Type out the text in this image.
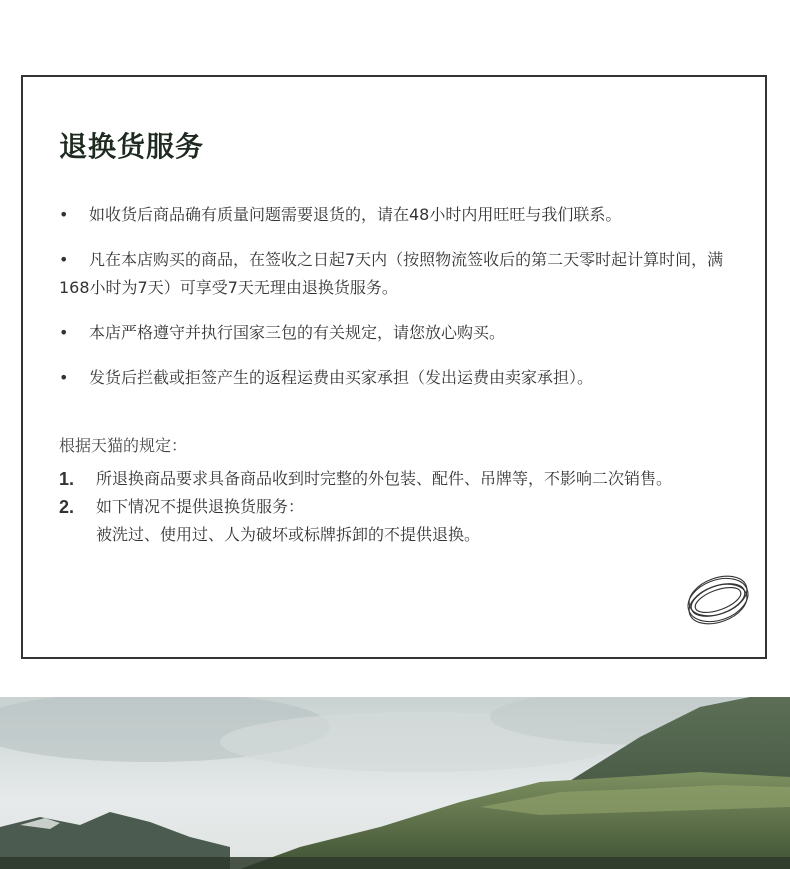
退换货服务
• 如收货后商品确有质量问题需要退货的，请在48小时内用旺旺与我们联系。
• 凡在本店购买的商品，在签收之日起7天内（按照物流签收后的第二天零时起计算时间，满168小时为7天）可享受7天无理由退换货服务。
• 本店严格遵守并执行国家三包的有关规定，请您放心购买。
• 发货后拦截或拒签产生的返程运费由买家承担（发出运费由卖家承担）。

根据天猫的规定：

1. 所退换商品要求具备商品收到时完整的外包装、配件、吊牌等，不影响二次销售。
2. 如下情况不提供退换货服务：
被洗过、使用过、人为破坏或标牌拆卸的不提供退换。
